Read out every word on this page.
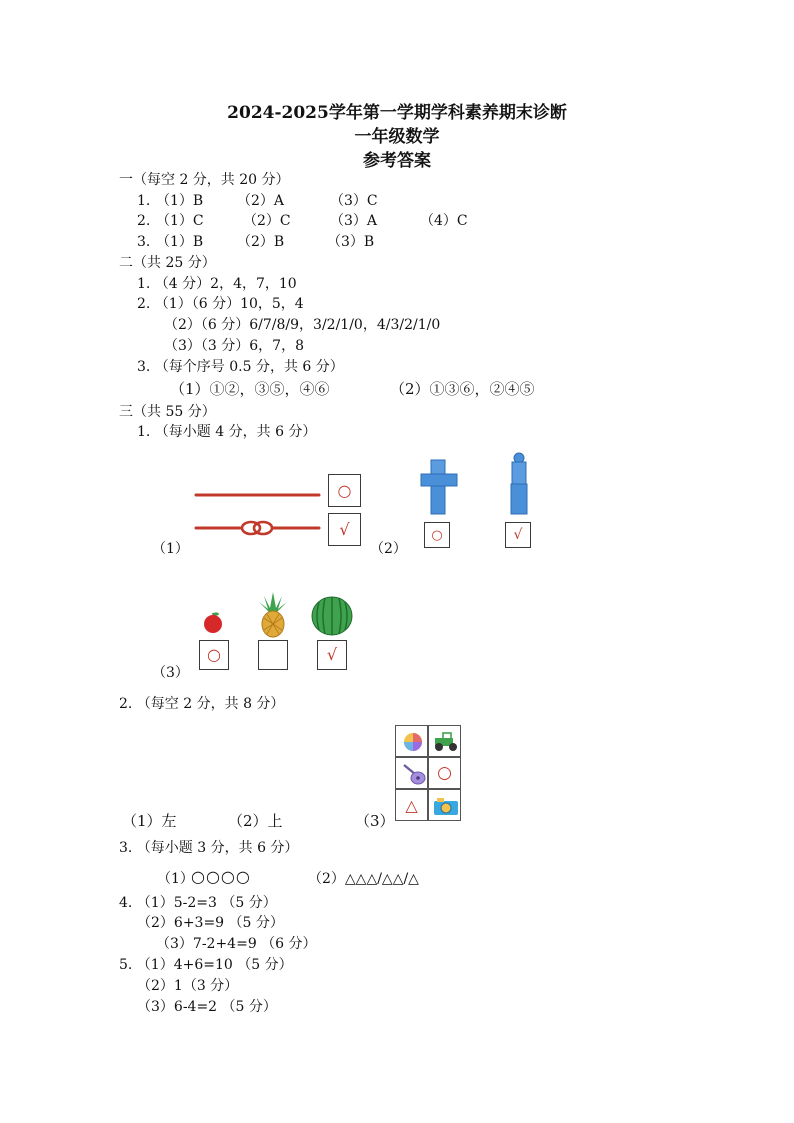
2024-2025学年第一学期学科素养期末诊断
一年级数学
参考答案
一（每空 2 分，共 20 分）
1. （1）B （2）A	（3）C
2. （1）C	（2）C	（3）A	（4）C
3. （1）B （2）B	（3）B
二（共 25 分）
1. （4 分）2，4，7，10
2. （1）（6 分）10，5，4
（2）（6 分）6/7/8/9，3/2/1/0，4/3/2/1/0
（3）（3 分）6，7，8
3. （每个序号 0.5 分，共 6 分）
（1）①②，③⑤，④⑥	（2）①③⑥，②④⑤
三（共 55 分）
1. （每小题 4 分，共 6 分）
○
√
（1）	（2）
○	√
○	√
（3）
2. （每空 2 分，共 8 分）
○
△
（1）左	（2）上	（3）
3. （每小题 3 分，共 6 分）
（1）
○○○○	（2）△△△/△△/△
4. （1）5-2=3 （5 分）
（2）6+3=9 （5 分）
（3）7-2+4=9 （6 分）
5. （1）4+6=10 （5 分）
（2）1（3 分）
（3）6-4=2 （5 分）
